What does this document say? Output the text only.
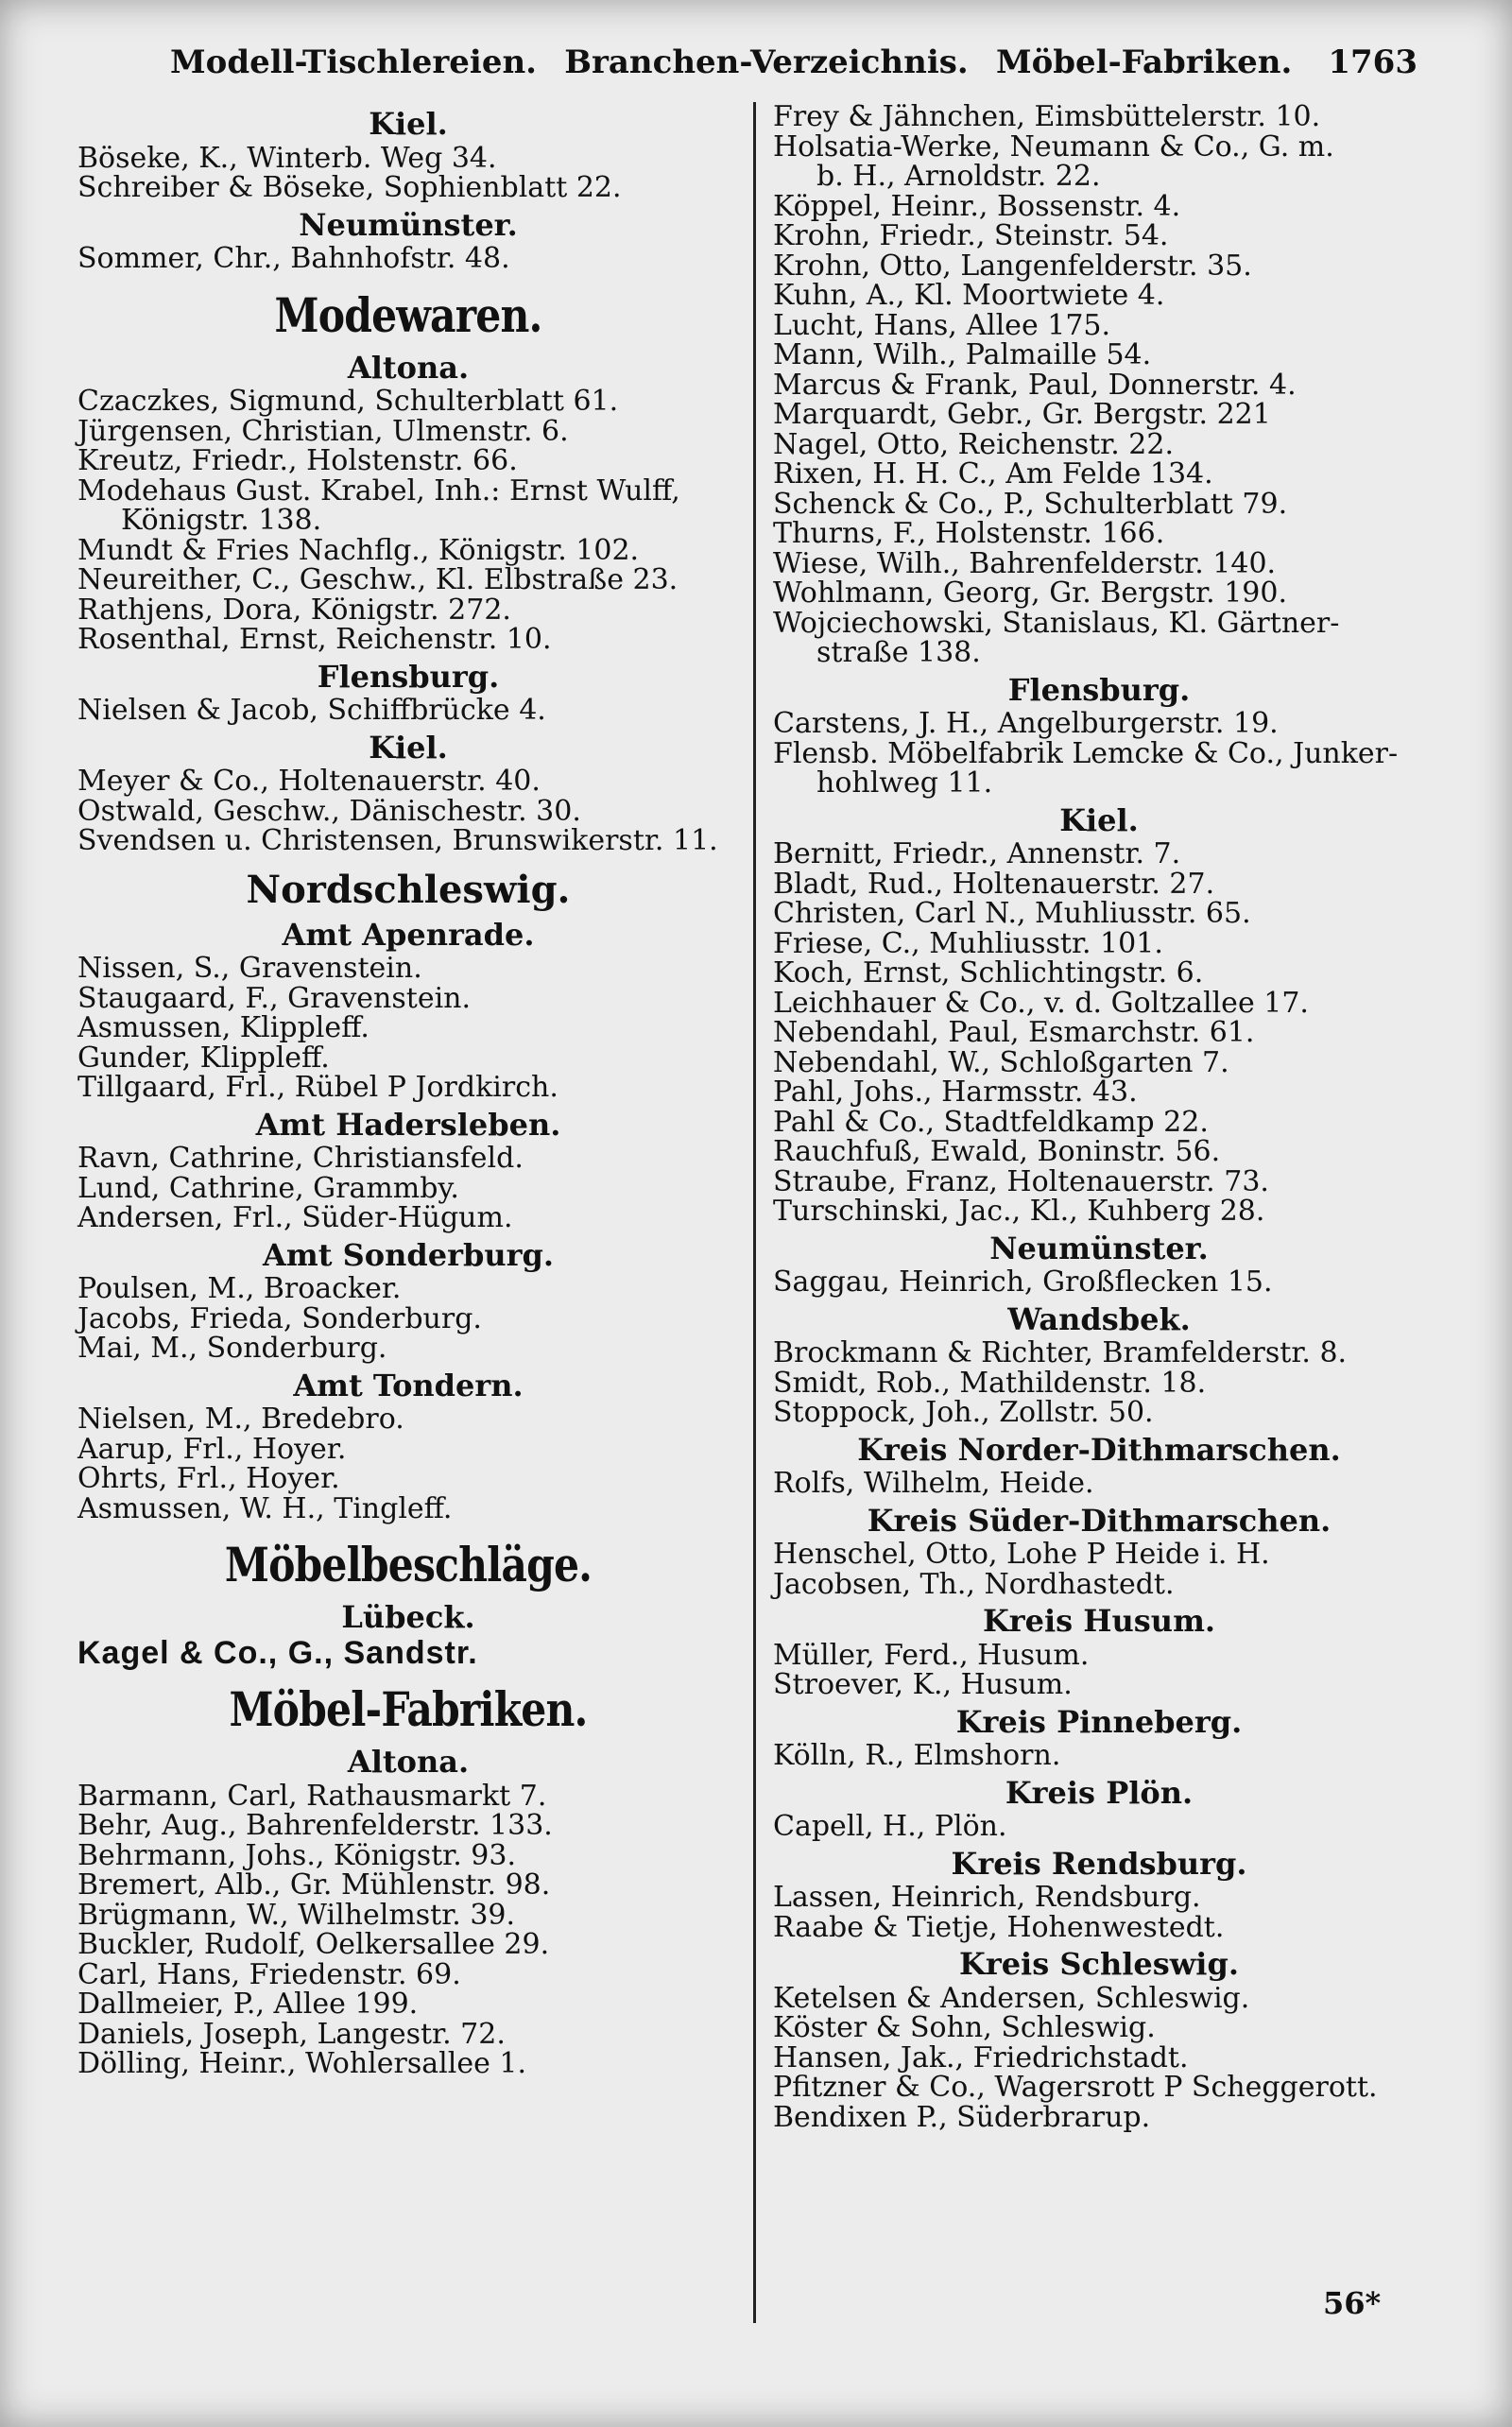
Modell-Tischlereien. Branchen-Verzeichnis. Möbel-Fabriken. 1763
Kiel.
Böseke, K., Winterb. Weg 34.
Schreiber & Böseke, Sophienblatt 22.
Neumünster.
Sommer, Chr., Bahnhofstr. 48.
Modewaren.
Altona.
Czaczkes, Sigmund, Schulterblatt 61.
Jürgensen, Christian, Ulmenstr. 6.
Kreutz, Friedr., Holstenstr. 66.
Modehaus Gust. Krabel, Inh.: Ernst Wulff,
Königstr. 138.
Mundt & Fries Nachflg., Königstr. 102.
Neureither, C., Geschw., Kl. Elbstraße 23.
Rathjens, Dora, Königstr. 272.
Rosenthal, Ernst, Reichenstr. 10.
Flensburg.
Nielsen & Jacob, Schiffbrücke 4.
Kiel.
Meyer & Co., Holtenauerstr. 40.
Ostwald, Geschw., Dänischestr. 30.
Svendsen u. Christensen, Brunswikerstr. 11.
Nordschleswig.
Amt Apenrade.
Nissen, S., Gravenstein.
Staugaard, F., Gravenstein.
Asmussen, Klippleff.
Gunder, Klippleff.
Tillgaard, Frl., Rübel P Jordkirch.
Amt Hadersleben.
Ravn, Cathrine, Christiansfeld.
Lund, Cathrine, Grammby.
Andersen, Frl., Süder-Hügum.
Amt Sonderburg.
Poulsen, M., Broacker.
Jacobs, Frieda, Sonderburg.
Mai, M., Sonderburg.
Amt Tondern.
Nielsen, M., Bredebro.
Aarup, Frl., Hoyer.
Ohrts, Frl., Hoyer.
Asmussen, W. H., Tingleff.
Möbelbeschläge.
Lübeck.
Kagel & Co., G., Sandstr.
Möbel-Fabriken.
Altona.
Barmann, Carl, Rathausmarkt 7.
Behr, Aug., Bahrenfelderstr. 133.
Behrmann, Johs., Königstr. 93.
Bremert, Alb., Gr. Mühlenstr. 98.
Brügmann, W., Wilhelmstr. 39.
Buckler, Rudolf, Oelkersallee 29.
Carl, Hans, Friedenstr. 69.
Dallmeier, P., Allee 199.
Daniels, Joseph, Langestr. 72.
Dölling, Heinr., Wohlersallee 1.
Frey & Jähnchen, Eimsbüttelerstr. 10.
Holsatia-Werke, Neumann & Co., G. m.
b. H., Arnoldstr. 22.
Köppel, Heinr., Bossenstr. 4.
Krohn, Friedr., Steinstr. 54.
Krohn, Otto, Langenfelderstr. 35.
Kuhn, A., Kl. Moortwiete 4.
Lucht, Hans, Allee 175.
Mann, Wilh., Palmaille 54.
Marcus & Frank, Paul, Donnerstr. 4.
Marquardt, Gebr., Gr. Bergstr. 221
Nagel, Otto, Reichenstr. 22.
Rixen, H. H. C., Am Felde 134.
Schenck & Co., P., Schulterblatt 79.
Thurns, F., Holstenstr. 166.
Wiese, Wilh., Bahrenfelderstr. 140.
Wohlmann, Georg, Gr. Bergstr. 190.
Wojciechowski, Stanislaus, Kl. Gärtner-
straße 138.
Flensburg.
Carstens, J. H., Angelburgerstr. 19.
Flensb. Möbelfabrik Lemcke & Co., Junker-
hohlweg 11.
Kiel.
Bernitt, Friedr., Annenstr. 7.
Bladt, Rud., Holtenauerstr. 27.
Christen, Carl N., Muhliusstr. 65.
Friese, C., Muhliusstr. 101.
Koch, Ernst, Schlichtingstr. 6.
Leichhauer & Co., v. d. Goltzallee 17.
Nebendahl, Paul, Esmarchstr. 61.
Nebendahl, W., Schloßgarten 7.
Pahl, Johs., Harmsstr. 43.
Pahl & Co., Stadtfeldkamp 22.
Rauchfuß, Ewald, Boninstr. 56.
Straube, Franz, Holtenauerstr. 73.
Turschinski, Jac., Kl., Kuhberg 28.
Neumünster.
Saggau, Heinrich, Großflecken 15.
Wandsbek.
Brockmann & Richter, Bramfelderstr. 8.
Smidt, Rob., Mathildenstr. 18.
Stoppock, Joh., Zollstr. 50.
Kreis Norder-Dithmarschen.
Rolfs, Wilhelm, Heide.
Kreis Süder-Dithmarschen.
Henschel, Otto, Lohe P Heide i. H.
Jacobsen, Th., Nordhastedt.
Kreis Husum.
Müller, Ferd., Husum.
Stroever, K., Husum.
Kreis Pinneberg.
Kölln, R., Elmshorn.
Kreis Plön.
Capell, H., Plön.
Kreis Rendsburg.
Lassen, Heinrich, Rendsburg.
Raabe & Tietje, Hohenwestedt.
Kreis Schleswig.
Ketelsen & Andersen, Schleswig.
Köster & Sohn, Schleswig.
Hansen, Jak., Friedrichstadt.
Pfitzner & Co., Wagersrott P Scheggerott.
Bendixen P., Süderbrarup.
56*
